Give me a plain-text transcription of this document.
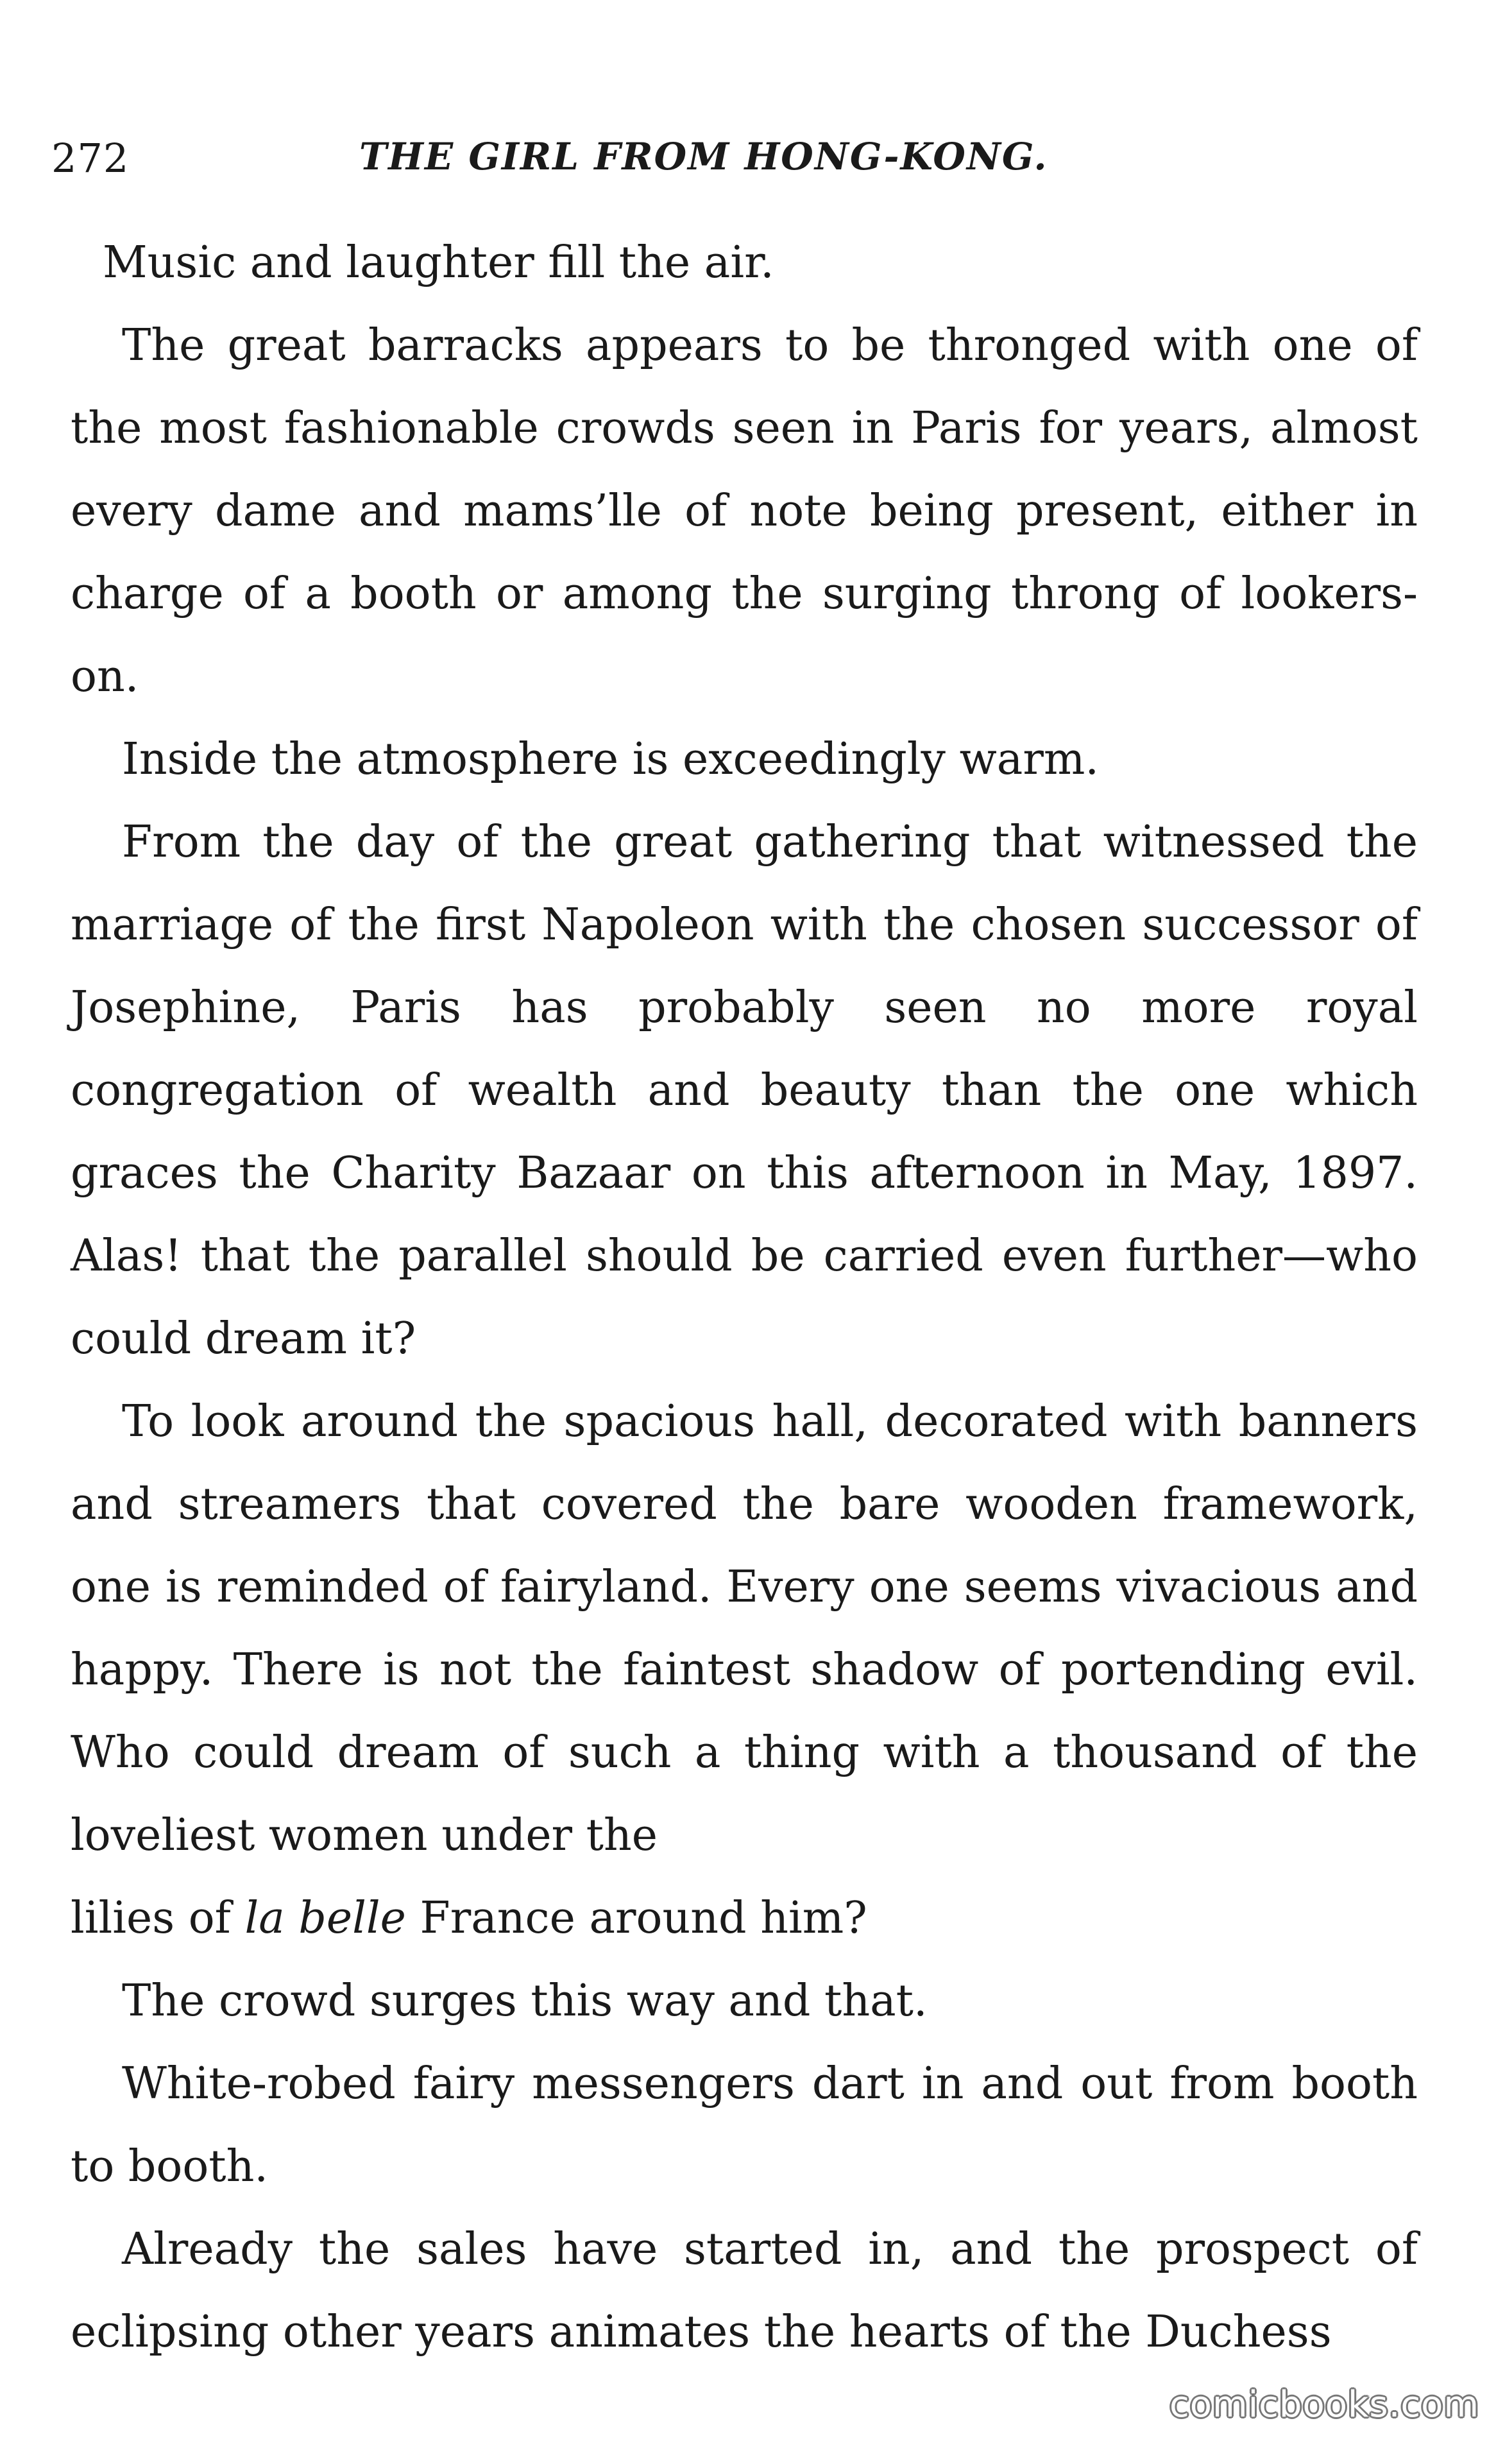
272	THE GIRL FROM HONG-KONG.

Music and laughter fill the air.

The great barracks appears to be thronged with one of the most fashionable crowds seen in Paris for years, almost every dame and mams’lle of note being present, either in charge of a booth or among the surging throng of lookers-on.

Inside the atmosphere is exceedingly warm.

From the day of the great gathering that witnessed the marriage of the first Napoleon with the chosen successor of Josephine, Paris has probably seen no more royal congregation of wealth and beauty than the one which graces the Charity Bazaar on this afternoon in May, 1897. Alas! that the parallel should be carried even further—who could dream it?

To look around the spacious hall, decorated with banners and streamers that covered the bare wooden framework, one is reminded of fairyland. Every one seems vivacious and happy. There is not the faintest shadow of portending evil. Who could dream of such a thing with a thousand of the loveliest women under the

lilies of la belle France around him?

The crowd surges this way and that.

White-robed fairy messengers dart in and out from booth to booth.

Already the sales have started in, and the prospect of eclipsing other years animates the hearts of the Duchess

comicbooks.com
